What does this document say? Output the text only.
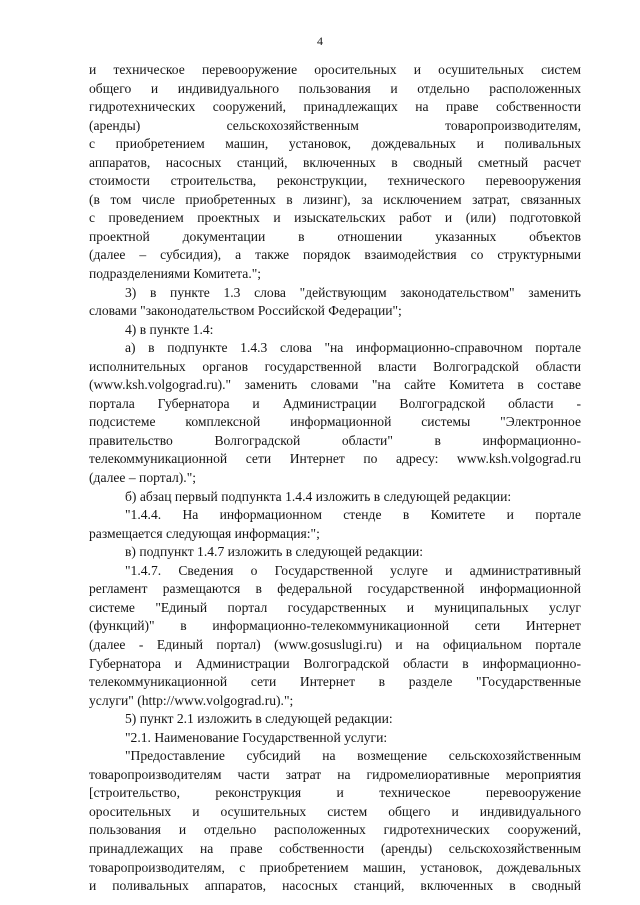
4
и техническое перевооружение оросительных и осушительных систем
общего и индивидуального пользования и отдельно расположенных
гидротехнических сооружений, принадлежащих на праве собственности
(аренды) сельскохозяйственным товаропроизводителям,
с приобретением машин, установок, дождевальных и поливальных
аппаратов, насосных станций, включенных в сводный сметный расчет
стоимости строительства, реконструкции, технического перевооружения
(в том числе приобретенных в лизинг), за исключением затрат, связанных
с проведением проектных и изыскательских работ и (или) подготовкой
проектной документации в отношении указанных объектов
(далее – субсидия), а также порядок взаимодействия со структурными
подразделениями Комитета.";
3) в пункте 1.3 слова "действующим законодательством" заменить
словами "законодательством Российской Федерации";
4) в пункте 1.4:
а) в подпункте 1.4.3 слова "на информационно-справочном портале
исполнительных органов государственной власти Волгоградской области
(www.ksh.volgograd.ru)." заменить словами "на сайте Комитета в составе
портала Губернатора и Администрации Волгоградской области -
подсистеме комплексной информационной системы "Электронное
правительство Волгоградской области" в информационно-
телекоммуникационной сети Интернет по адресу: www.ksh.volgograd.ru
(далее – портал).";
б) абзац первый подпункта 1.4.4 изложить в следующей редакции:
"1.4.4. На информационном стенде в Комитете и портале
размещается следующая информация:";
в) подпункт 1.4.7 изложить в следующей редакции:
"1.4.7. Сведения о Государственной услуге и административный
регламент размещаются в федеральной государственной информационной
системе "Единый портал государственных и муниципальных услуг
(функций)" в информационно-телекоммуникационной сети Интернет
(далее - Единый портал) (www.gosuslugi.ru) и на официальном портале
Губернатора и Администрации Волгоградской области в информационно-
телекоммуникационной сети Интернет в разделе "Государственные
услуги" (http://www.volgograd.ru).";
5) пункт 2.1 изложить в следующей редакции:
"2.1. Наименование Государственной услуги:
"Предоставление субсидий на возмещение сельскохозяйственным
товаропроизводителям части затрат на гидромелиоративные мероприятия
[строительство, реконструкция и техническое перевооружение
оросительных и осушительных систем общего и индивидуального
пользования и отдельно расположенных гидротехнических сооружений,
принадлежащих на праве собственности (аренды) сельскохозяйственным
товаропроизводителям, с приобретением машин, установок, дождевальных
и поливальных аппаратов, насосных станций, включенных в сводный
